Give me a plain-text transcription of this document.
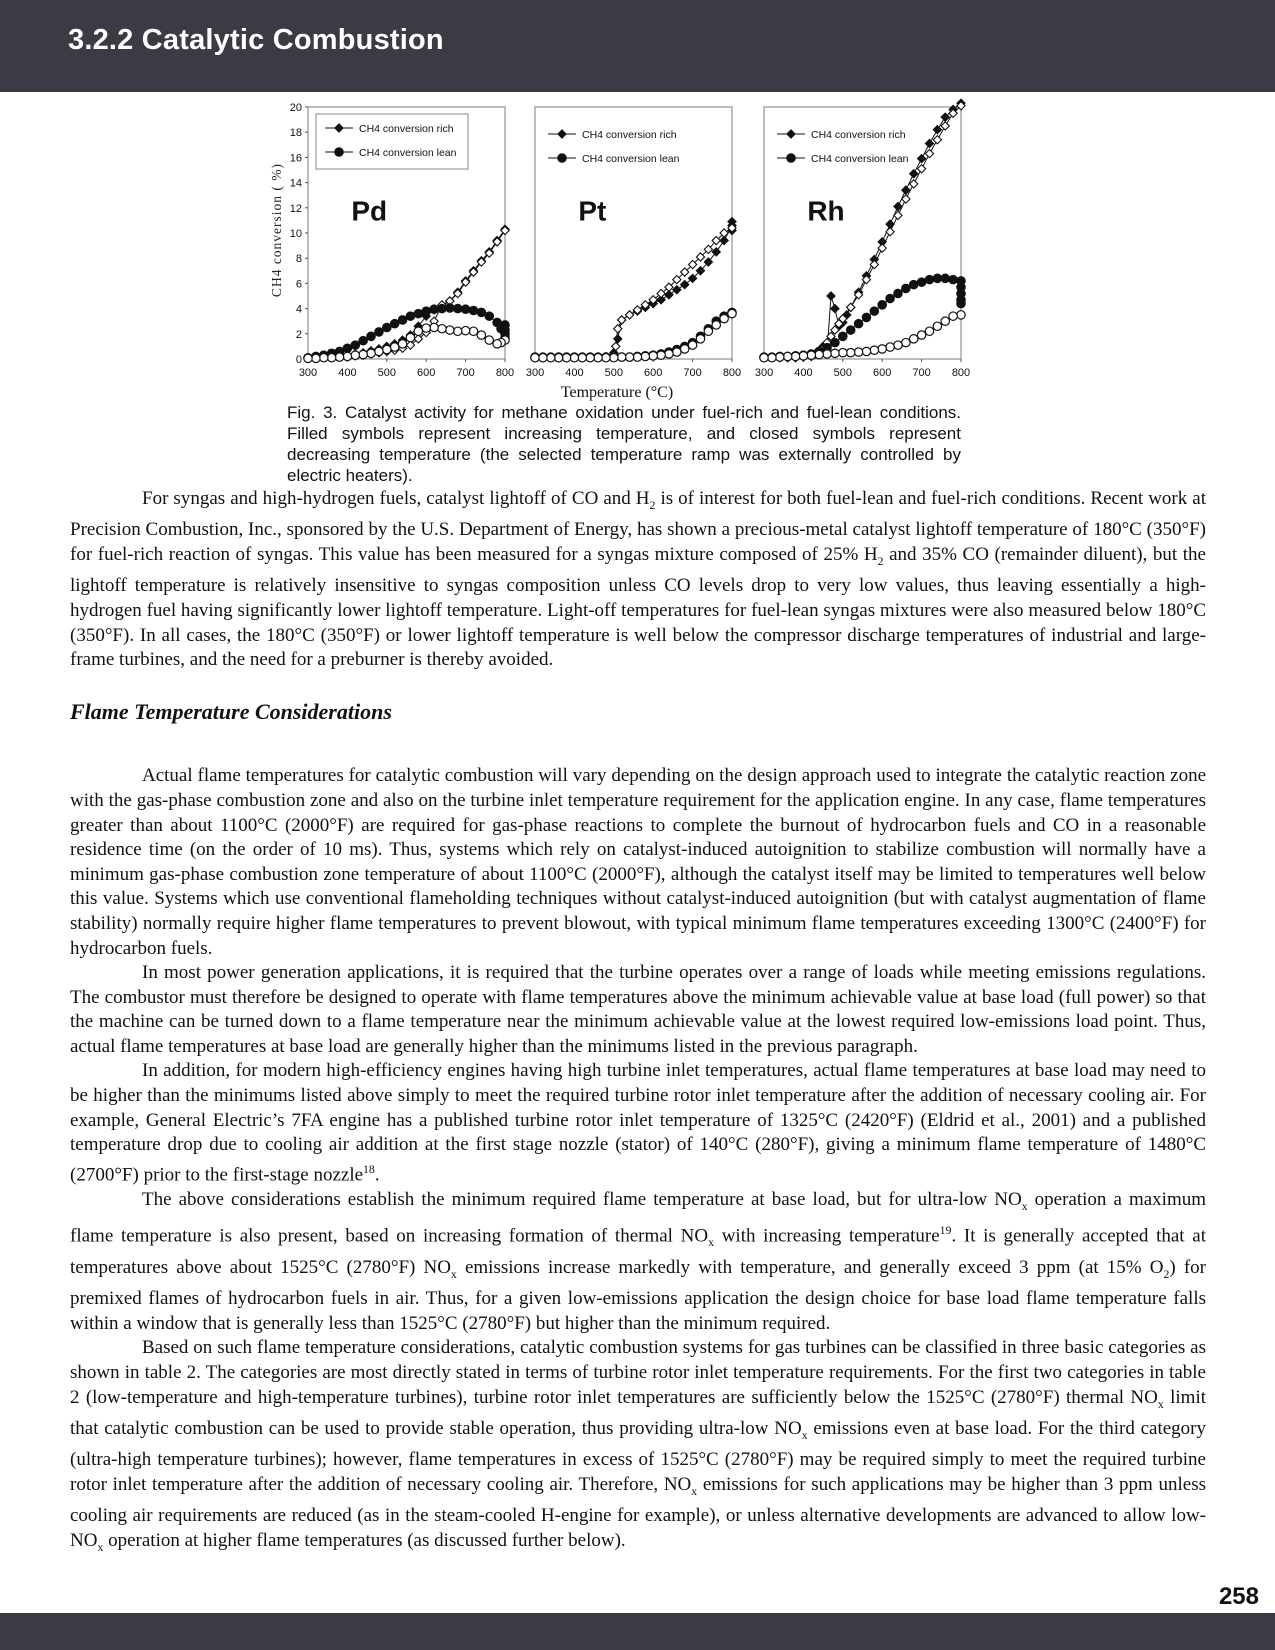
3.2.2 Catalytic Combustion
CH4 conversion ( %)
0
2
4
6
8
10
12
14
16
18
20
300 400 500 600 700 800
Pd
CH4 conversion rich
CH4 conversion lean
300 400 500 600 700 800
Pt
CH4 conversion rich
CH4 conversion lean
300 400 500 600 700 800
Rh
CH4 conversion rich
CH4 conversion lean
Temperature (°C)
Fig. 3. Catalyst activity for methane oxidation under fuel-rich and fuel-lean conditions. Filled symbols represent increasing temperature, and closed symbols represent decreasing temperature (the selected temperature ramp was externally controlled by electric heaters).

For syngas and high-hydrogen fuels, catalyst lightoff of CO and $H_2$ is of interest for both fuel-lean and fuel-rich conditions. Recent work at Precision Combustion, Inc., sponsored by the U.S. Department of Energy, has shown a precious-metal catalyst lightoff temperature of 180°C (350°F) for fuel-rich reaction of syngas. This value has been measured for a syngas mixture composed of 25% $H_2$ and 35% CO (remainder diluent), but the lightoff temperature is relatively insensitive to syngas composition unless CO levels drop to very low values, thus leaving essentially a high-hydrogen fuel having significantly lower lightoff temperature. Light-off temperatures for fuel-lean syngas mixtures were also measured below 180°C (350°F). In all cases, the 180°C (350°F) or lower lightoff temperature is well below the compressor discharge temperatures of industrial and large-frame turbines, and the need for a preburner is thereby avoided.

Flame Temperature Considerations

Actual flame temperatures for catalytic combustion will vary depending on the design approach used to integrate the catalytic reaction zone with the gas-phase combustion zone and also on the turbine inlet temperature requirement for the application engine. In any case, flame temperatures greater than about 1100°C (2000°F) are required for gas-phase reactions to complete the burnout of hydrocarbon fuels and CO in a reasonable residence time (on the order of 10 ms). Thus, systems which rely on catalyst-induced autoignition to stabilize combustion will normally have a minimum gas-phase combustion zone temperature of about 1100°C (2000°F), although the catalyst itself may be limited to temperatures well below this value. Systems which use conventional flameholding techniques without catalyst-induced autoignition (but with catalyst augmentation of flame stability) normally require higher flame temperatures to prevent blowout, with typical minimum flame temperatures exceeding 1300°C (2400°F) for hydrocarbon fuels.

In most power generation applications, it is required that the turbine operates over a range of loads while meeting emissions regulations. The combustor must therefore be designed to operate with flame temperatures above the minimum achievable value at base load (full power) so that the machine can be turned down to a flame temperature near the minimum achievable value at the lowest required low-emissions load point. Thus, actual flame temperatures at base load are generally higher than the minimums listed in the previous paragraph.

In addition, for modern high-efficiency engines having high turbine inlet temperatures, actual flame temperatures at base load may need to be higher than the minimums listed above simply to meet the required turbine rotor inlet temperature after the addition of necessary cooling air. For example, General Electric’s 7FA engine has a published turbine rotor inlet temperature of 1325°C (2420°F) (Eldrid et al., 2001) and a published temperature drop due to cooling air addition at the first stage nozzle (stator) of 140°C (280°F), giving a minimum flame temperature of 1480°C (2700°F) prior to the first-stage nozzle$^{18}$.

The above considerations establish the minimum required flame temperature at base load, but for ultra-low $NO_x$ operation a maximum flame temperature is also present, based on increasing formation of thermal $NO_x$ with increasing temperature$^{19}$. It is generally accepted that at temperatures above about 1525°C (2780°F) $NO_x$ emissions increase markedly with temperature, and generally exceed 3 ppm (at 15% $O_2$) for premixed flames of hydrocarbon fuels in air. Thus, for a given low-emissions application the design choice for base load flame temperature falls within a window that is generally less than 1525°C (2780°F) but higher than the minimum required.

Based on such flame temperature considerations, catalytic combustion systems for gas turbines can be classified in three basic categories as shown in table 2. The categories are most directly stated in terms of turbine rotor inlet temperature requirements. For the first two categories in table 2 (low-temperature and high-temperature turbines), turbine rotor inlet temperatures are sufficiently below the 1525°C (2780°F) thermal $NO_x$ limit that catalytic combustion can be used to provide stable operation, thus providing ultra-low $NO_x$ emissions even at base load. For the third category (ultra-high temperature turbines); however, flame temperatures in excess of 1525°C (2780°F) may be required simply to meet the required turbine rotor inlet temperature after the addition of necessary cooling air. Therefore, $NO_x$ emissions for such applications may be higher than 3 ppm unless cooling air requirements are reduced (as in the steam-cooled H-engine for example), or unless alternative developments are advanced to allow low-$NO_x$ operation at higher flame temperatures (as discussed further below).

258
